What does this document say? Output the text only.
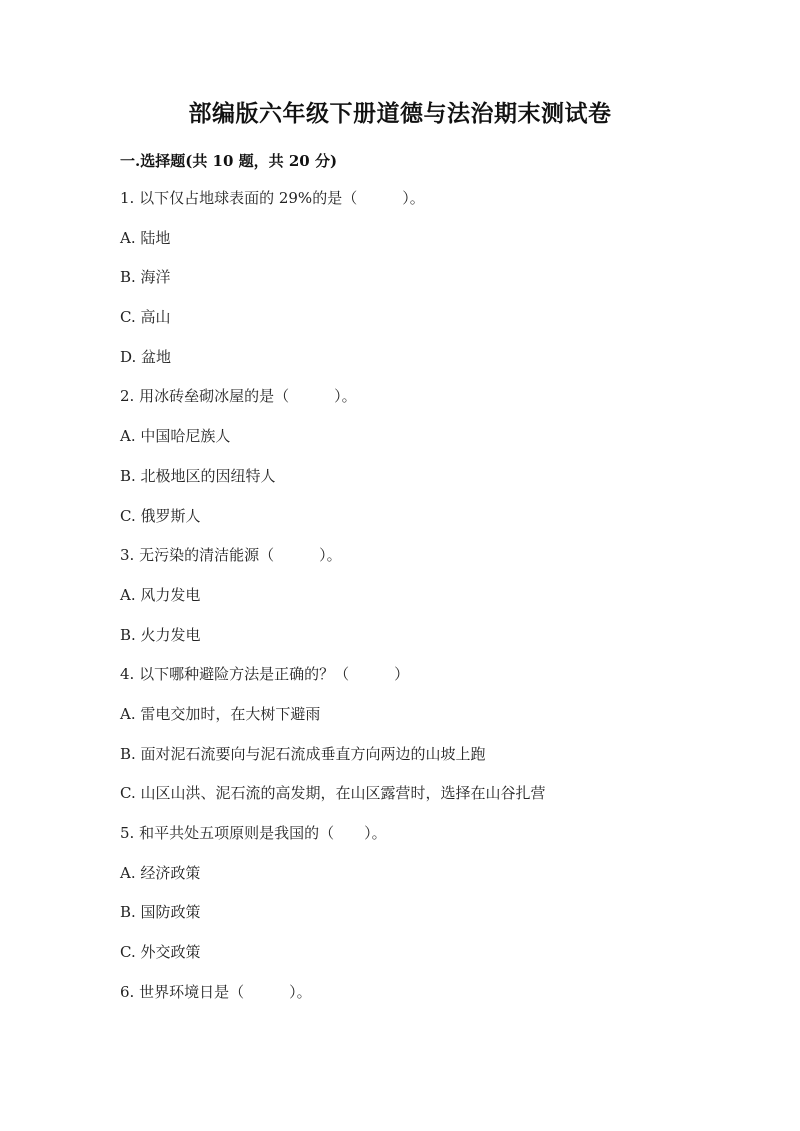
部编版六年级下册道德与法治期末测试卷
一.选择题(共 10 题，共 20 分)
1. 以下仅占地球表面的 29%的是（　　　）。
A. 陆地
B. 海洋
C. 高山
D. 盆地
2. 用冰砖垒砌冰屋的是（　　　）。
A. 中国哈尼族人
B. 北极地区的因纽特人
C. 俄罗斯人
3. 无污染的清洁能源（　　　）。
A. 风力发电
B. 火力发电
4. 以下哪种避险方法是正确的？（　　　）
A. 雷电交加时，在大树下避雨
B. 面对泥石流要向与泥石流成垂直方向两边的山坡上跑
C. 山区山洪、泥石流的高发期，在山区露营时，选择在山谷扎营
5. 和平共处五项原则是我国的（　　）。
A. 经济政策
B. 国防政策
C. 外交政策
6. 世界环境日是（　　　）。
